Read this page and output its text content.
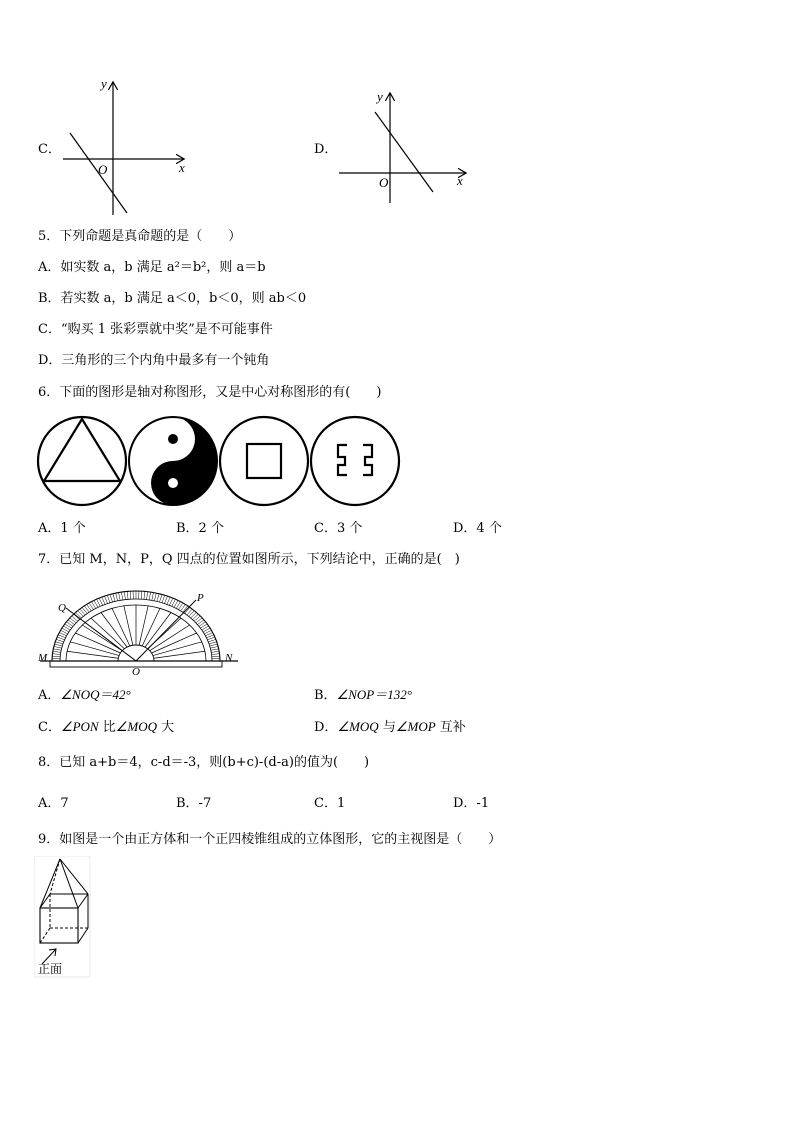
C．
y
x
O
D．
y
x
O
5．下列命题是真命题的是（　　）
A．如实数 a，b 满足 a²＝b²，则 a＝b
B．若实数 a，b 满足 a＜0，b＜0，则 ab＜0
C．“购买 1 张彩票就中奖”是不可能事件
D．三角形的三个内角中最多有一个钝角
6．下面的图形是轴对称图形，又是中心对称图形的有(　　)
A．1 个	B．2 个	C．3 个	D．4 个
7．已知 M，N，P，Q 四点的位置如图所示，下列结论中，正确的是(　)
Q
P
M	N
O
A．∠NOQ＝42°	B．∠NOP＝132°
C．∠PON 比∠MOQ 大	D．∠MOQ 与∠MOP 互补
8．已知 a+b＝4，c-d＝-3，则(b+c)-(d-a)的值为(　　)
A．7	B．-7	C．1	D．-1
9．如图是一个由正方体和一个正四棱锥组成的立体图形，它的主视图是（　　）
正面
